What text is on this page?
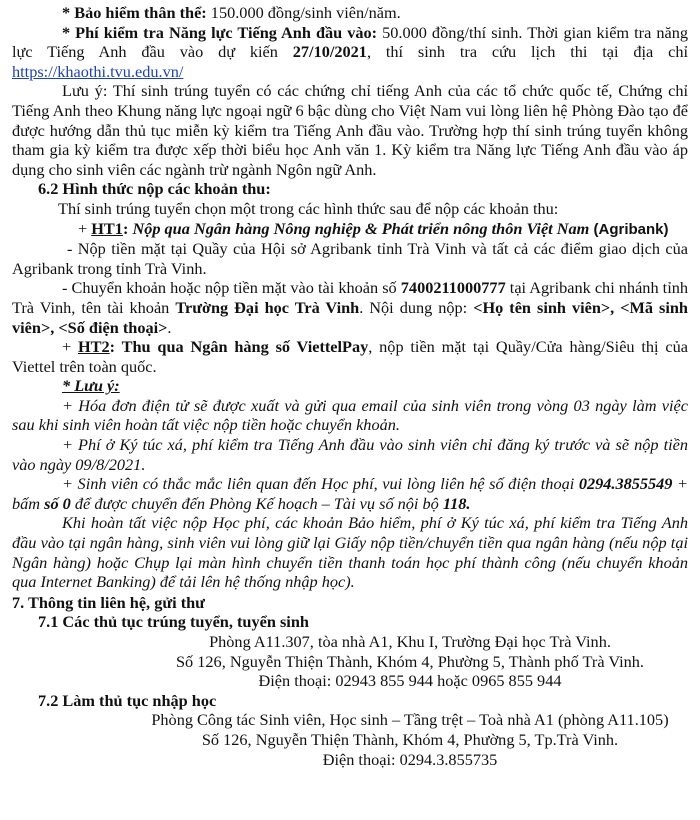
* Bảo hiểm thân thể: 150.000 đồng/sinh viên/năm.

* Phí kiểm tra Năng lực Tiếng Anh đầu vào: 50.000 đồng/thí sinh. Thời gian kiểm tra năng lực Tiếng Anh đầu vào dự kiến 27/10/2021, thí sinh tra cứu lịch thi tại địa chỉ https://khaothi.tvu.edu.vn/

Lưu ý: Thí sinh trúng tuyển có các chứng chỉ tiếng Anh của các tổ chức quốc tế, Chứng chỉ Tiếng Anh theo Khung năng lực ngoại ngữ 6 bậc dùng cho Việt Nam vui lòng liên hệ Phòng Đào tạo để được hướng dẫn thủ tục miễn kỳ kiểm tra Tiếng Anh đầu vào. Trường hợp thí sinh trúng tuyển không tham gia kỳ kiểm tra được xếp thời biểu học Anh văn 1. Kỳ kiểm tra Năng lực Tiếng Anh đầu vào áp dụng cho sinh viên các ngành trừ ngành Ngôn ngữ Anh.

6.2 Hình thức nộp các khoản thu:

Thí sinh trúng tuyển chọn một trong các hình thức sau để nộp các khoản thu:

+ HT1: Nộp qua Ngân hàng Nông nghiệp & Phát triển nông thôn Việt Nam (Agribank)

- Nộp tiền mặt tại Quầy của Hội sở Agribank tỉnh Trà Vinh và tất cả các điểm giao dịch của Agribank trong tỉnh Trà Vinh.

- Chuyển khoản hoặc nộp tiền mặt vào tài khoản số 7400211000777 tại Agribank chi nhánh tỉnh Trà Vinh, tên tài khoản Trường Đại học Trà Vinh. Nội dung nộp: <Họ tên sinh viên>, <Mã sinh viên>, <Số điện thoại>.

+ HT2: Thu qua Ngân hàng số ViettelPay, nộp tiền mặt tại Quầy/Cửa hàng/Siêu thị của Viettel trên toàn quốc.

* Lưu ý:

+ Hóa đơn điện tử sẽ được xuất và gửi qua email của sinh viên trong vòng 03 ngày làm việc sau khi sinh viên hoàn tất việc nộp tiền hoặc chuyển khoản.

+ Phí ở Ký túc xá, phí kiểm tra Tiếng Anh đầu vào sinh viên chỉ đăng ký trước và sẽ nộp tiền vào ngày 09/8/2021.

+ Sinh viên có thắc mắc liên quan đến Học phí, vui lòng liên hệ số điện thoại 0294.3855549 + bấm số 0 để được chuyển đến Phòng Kế hoạch – Tài vụ số nội bộ 118.

Khi hoàn tất việc nộp Học phí, các khoản Bảo hiểm, phí ở Ký túc xá, phí kiểm tra Tiếng Anh đầu vào tại ngân hàng, sinh viên vui lòng giữ lại Giấy nộp tiền/chuyển tiền qua ngân hàng (nếu nộp tại Ngân hàng) hoặc Chụp lại màn hình chuyển tiền thanh toán học phí thành công (nếu chuyển khoản qua Internet Banking) để tải lên hệ thống nhập học).

7. Thông tin liên hệ, gửi thư

7.1 Các thủ tục trúng tuyển, tuyển sinh

Phòng A11.307, tòa nhà A1, Khu I, Trường Đại học Trà Vinh.

Số 126, Nguyễn Thiện Thành, Khóm 4, Phường 5, Thành phố Trà Vinh.

Điện thoại: 02943 855 944 hoặc 0965 855 944

7.2 Làm thủ tục nhập học

Phòng Công tác Sinh viên, Học sinh – Tầng trệt – Toà nhà A1 (phòng A11.105)

Số 126, Nguyễn Thiện Thành, Khóm 4, Phường 5, Tp.Trà Vinh.

Điện thoại: 0294.3.855735
